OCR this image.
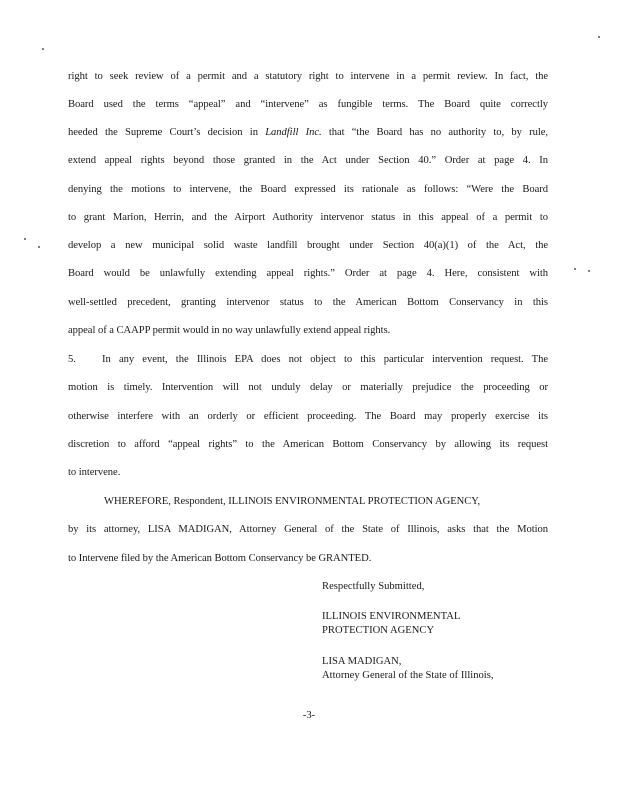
right to seek review of a permit and a statutory right to intervene in a permit review. In fact, the
Board used the terms “appeal” and “intervene” as fungible terms. The Board quite correctly
heeded the Supreme Court’s decision in Landfill Inc. that “the Board has no authority to, by rule,
extend appeal rights beyond those granted in the Act under Section 40.” Order at page 4. In
denying the motions to intervene, the Board expressed its rationale as follows: “Were the Board
to grant Marion, Herrin, and the Airport Authority intervenor status in this appeal of a permit to
develop a new municipal solid waste landfill brought under Section 40(a)(1) of the Act, the
Board would be unlawfully extending appeal rights.” Order at page 4. Here, consistent with
well-settled precedent, granting intervenor status to the American Bottom Conservancy in this
appeal of a CAAPP permit would in no way unlawfully extend appeal rights.
5. In any event, the Illinois EPA does not object to this particular intervention request. The
motion is timely. Intervention will not unduly delay or materially prejudice the proceeding or
otherwise interfere with an orderly or efficient proceeding. The Board may properly exercise its
discretion to afford “appeal rights” to the American Bottom Conservancy by allowing its request
to intervene.
WHEREFORE, Respondent, ILLINOIS ENVIRONMENTAL PROTECTION AGENCY,
by its attorney, LISA MADIGAN, Attorney General of the State of Illinois, asks that the Motion
to Intervene filed by the American Bottom Conservancy be GRANTED.
Respectfully Submitted,
ILLINOIS ENVIRONMENTAL
PROTECTION AGENCY
LISA MADIGAN,
Attorney General of the State of Illinois,
-3-
